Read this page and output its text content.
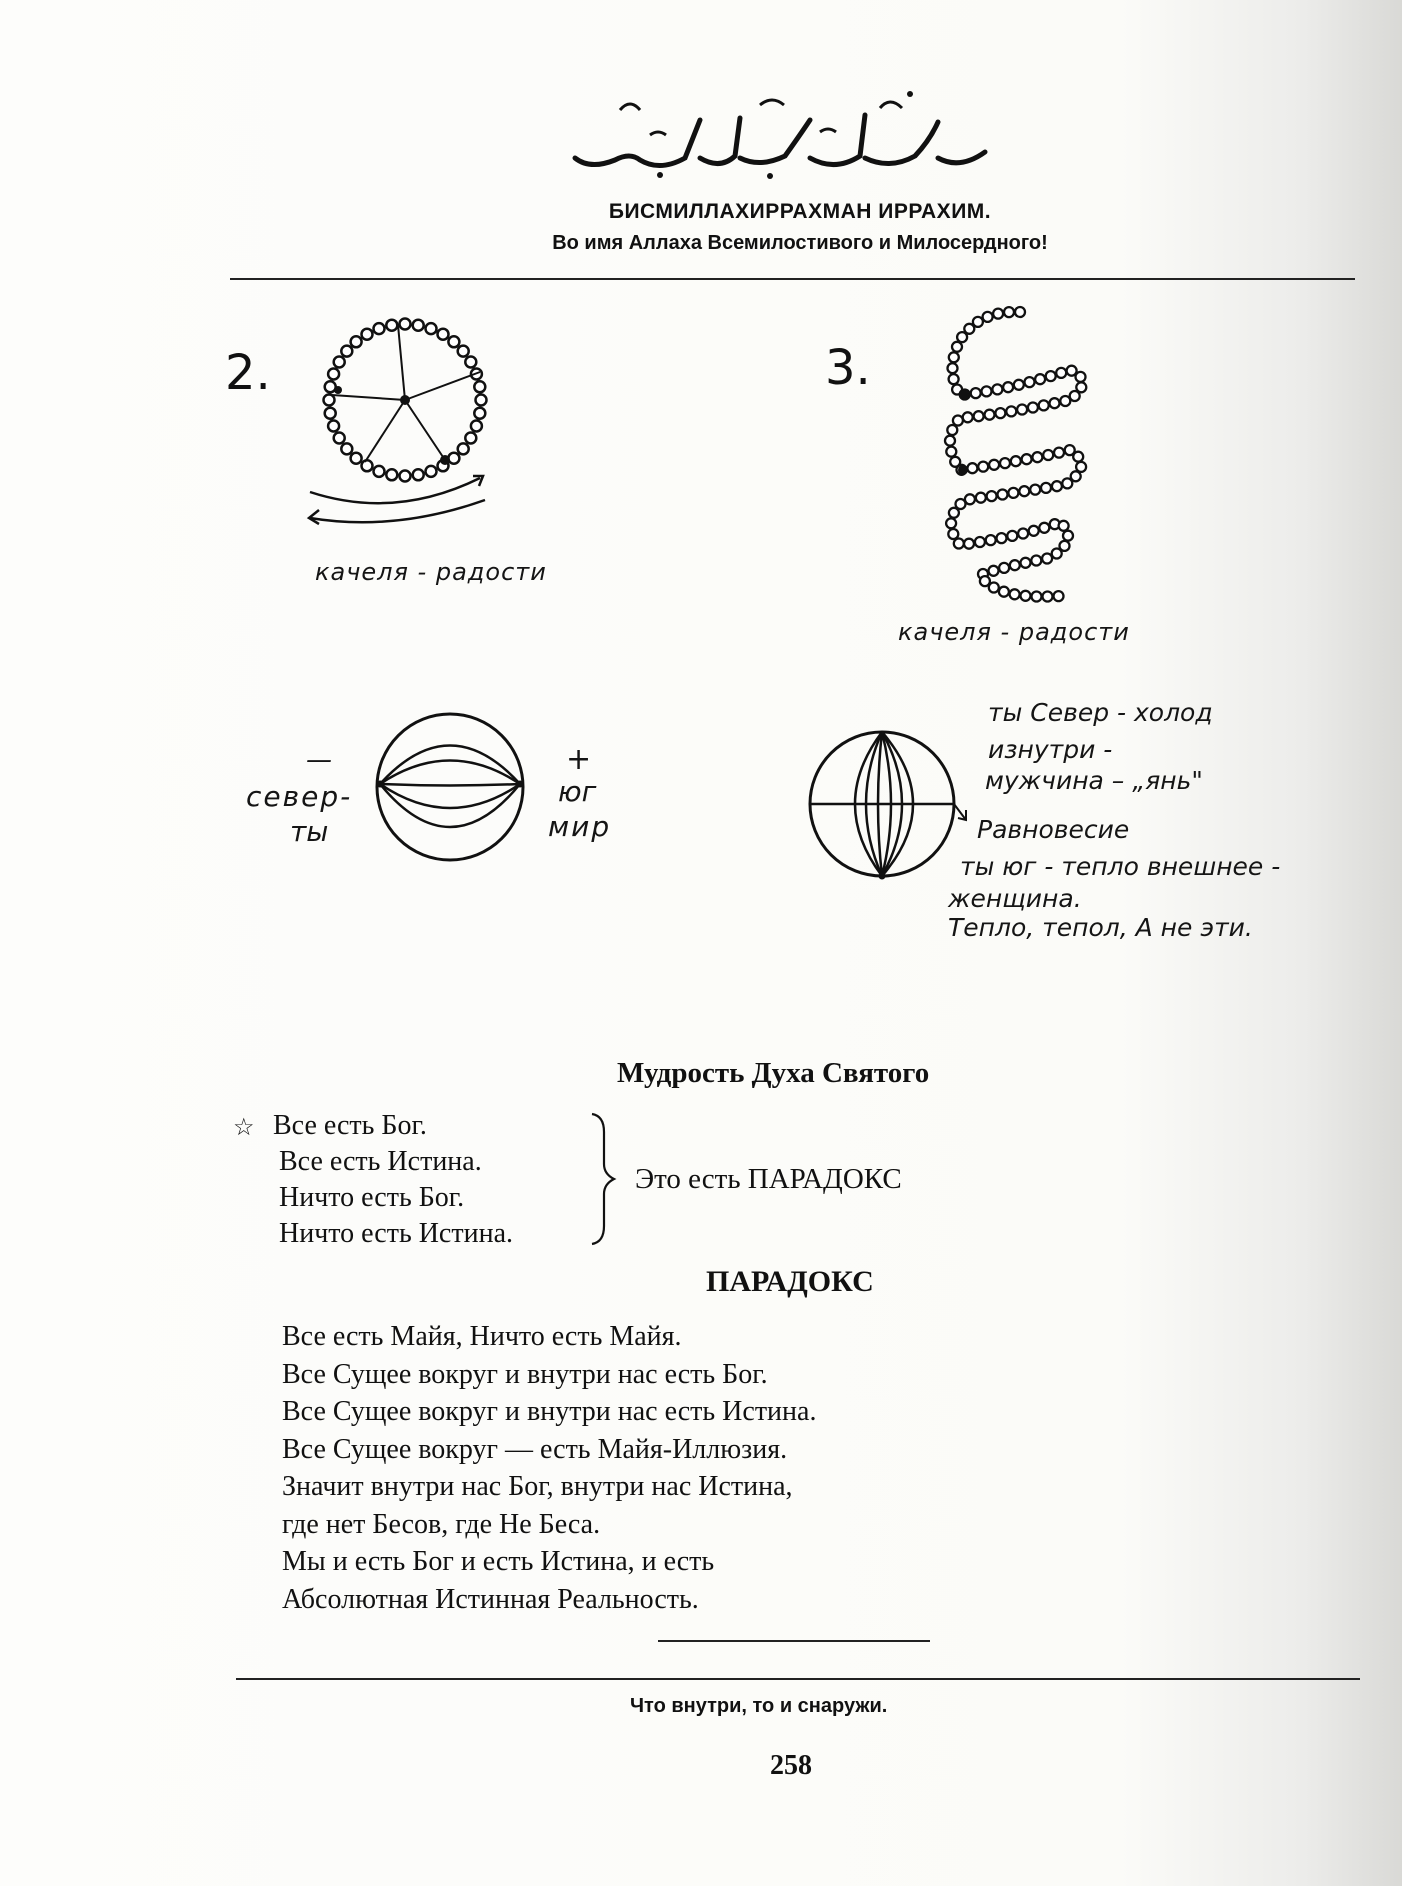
БИСМИЛЛАХИРРАХМАН ИРРАХИМ.
Во имя Аллаха Всемилостивого и Милосердного!
2.
качеля - радости
3.
качеля - радости
—
север-
ты
+
юг
мир
ты Север - холод
изнутри -
мужчина – „янь"
Равновесие
ты юг - тепло внешнее -
женщина.
Тепло, тепол, А не эти.
Мудрость Духа Святого
☆ Все есть Бог.
Все есть Истина.
Ничто есть Бог.
Ничто есть Истина.
Это есть ПАРАДОКС
ПАРАДОКС
Все есть Майя, Ничто есть Майя.
Все Сущее вокруг и внутри нас есть Бог.
Все Сущее вокруг и внутри нас есть Истина.
Все Сущее вокруг — есть Майя-Иллюзия.
Значит внутри нас Бог, внутри нас Истина,
где нет Бесов, где Не Беса.
Мы и есть Бог и есть Истина, и есть
Абсолютная Истинная Реальность.
Что внутри, то и снаружи.
258
